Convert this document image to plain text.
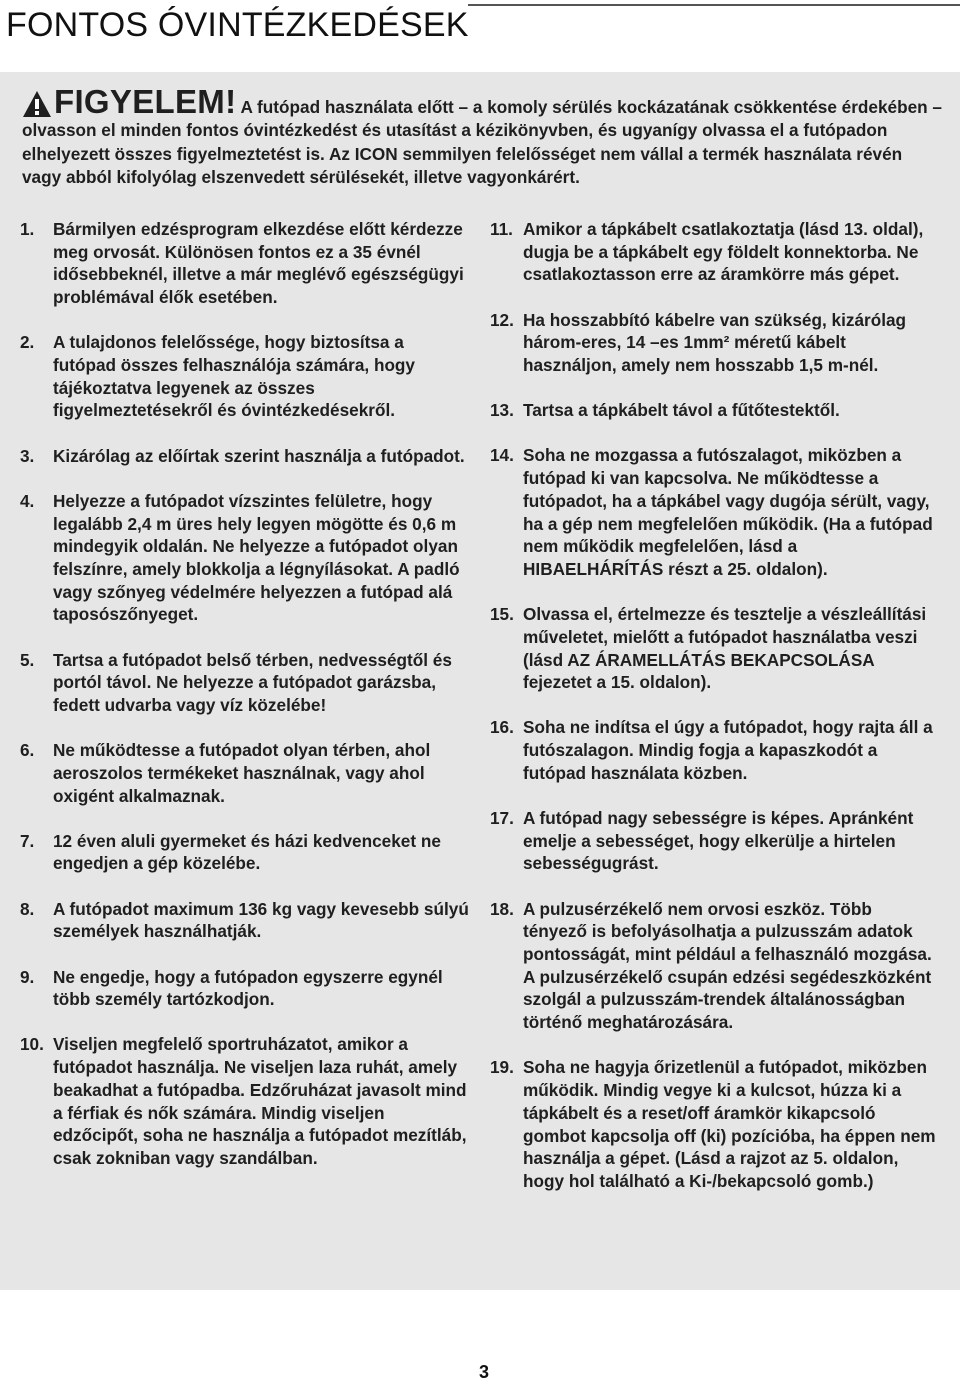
FONTOS ÓVINTÉZKEDÉSEK
FIGYELEM! A futópad használata előtt – a komoly sérülés kockázatának csökkentése érdekében – olvasson el minden fontos óvintézkedést és utasítást a kézikönyvben, és ugyanígy olvassa el a futópadon elhelyezett összes figyelmeztetést is. Az ICON semmilyen felelősséget nem vállal a termék használata révén vagy abból kifolyólag elszenvedett sérülésekét, illetve vagyonkárért.
1. Bármilyen edzésprogram elkezdése előtt kérdezze meg orvosát. Különösen fontos ez a 35 évnél idősebbeknél, illetve a már meglévő egészségügyi problémával élők esetében.
2. A tulajdonos felelőssége, hogy biztosítsa a futópad összes felhasználója számára, hogy tájékoztatva legyenek az összes figyelmeztetésekről és óvintézkedésekről.
3. Kizárólag az előírtak szerint használja a futópadot.
4. Helyezze a futópadot vízszintes felületre, hogy legalább 2,4 m üres hely legyen mögötte és 0,6 m mindegyik oldalán. Ne helyezze a futópadot olyan felszínre, amely blokkolja a légnyílásokat. A padló vagy szőnyeg védelmére helyezzen a futópad alá taposószőnyeget.
5. Tartsa a futópadot belső térben, nedvességtől és portól távol. Ne helyezze a futópadot garázsba, fedett udvarba vagy víz közelébe!
6. Ne működtesse a futópadot olyan térben, ahol aeroszolos termékeket használnak, vagy ahol oxigént alkalmaznak.
7. 12 éven aluli gyermeket és házi kedvenceket ne engedjen a gép közelébe.
8. A futópadot maximum 136 kg vagy kevesebb súlyú személyek használhatják.
9. Ne engedje, hogy a futópadon egyszerre egynél több személy tartózkodjon.
10. Viseljen megfelelő sportruházatot, amikor a futópadot használja. Ne viseljen laza ruhát, amely beakadhat a futópadba. Edzőruházat javasolt mind a férfiak és nők számára. Mindig viseljen edzőcipőt, soha ne használja a futópadot mezítláb, csak zokniban vagy szandálban.
11. Amikor a tápkábelt csatlakoztatja (lásd 13. oldal), dugja be a tápkábelt egy földelt konnektorba. Ne csatlakoztasson erre az áramkörre más gépet.
12. Ha hosszabbító kábelre van szükség, kizárólag három-eres, 14 –es 1mm² méretű kábelt használjon, amely nem hosszabb 1,5 m-nél.
13. Tartsa a tápkábelt távol a fűtőtestektől.
14. Soha ne mozgassa a futószalagot, miközben a futópad ki van kapcsolva. Ne működtesse a futópadot, ha a tápkábel vagy dugója sérült, vagy, ha a gép nem megfelelően működik. (Ha a futópad nem működik megfelelően, lásd a HIBAELHÁRÍTÁS részt a 25. oldalon).
15. Olvassa el, értelmezze és tesztelje a vészleállítási műveletet, mielőtt a futópadot használatba veszi (lásd AZ ÁRAMELLÁTÁS BEKAPCSOLÁSA fejezetet a 15. oldalon).
16. Soha ne indítsa el úgy a futópadot, hogy rajta áll a futószalagon. Mindig fogja a kapaszkodót a futópad használata közben.
17. A futópad nagy sebességre is képes. Apránként emelje a sebességet, hogy elkerülje a hirtelen sebességugrást.
18. A pulzusérzékelő nem orvosi eszköz. Több tényező is befolyásolhatja a pulzusszám adatok pontosságát, mint például a felhasználó mozgása. A pulzusérzékelő csupán edzési segédeszközként szolgál a pulzusszám-trendek általánosságban történő meghatározására.
19. Soha ne hagyja őrizetlenül a futópadot, miközben működik. Mindig vegye ki a kulcsot, húzza ki a tápkábelt és a reset/off áramkör kikapcsoló gombot kapcsolja off (ki) pozícióba, ha éppen nem használja a gépet. (Lásd a rajzot az 5. oldalon, hogy hol található a Ki-/bekapcsoló gomb.)
3
